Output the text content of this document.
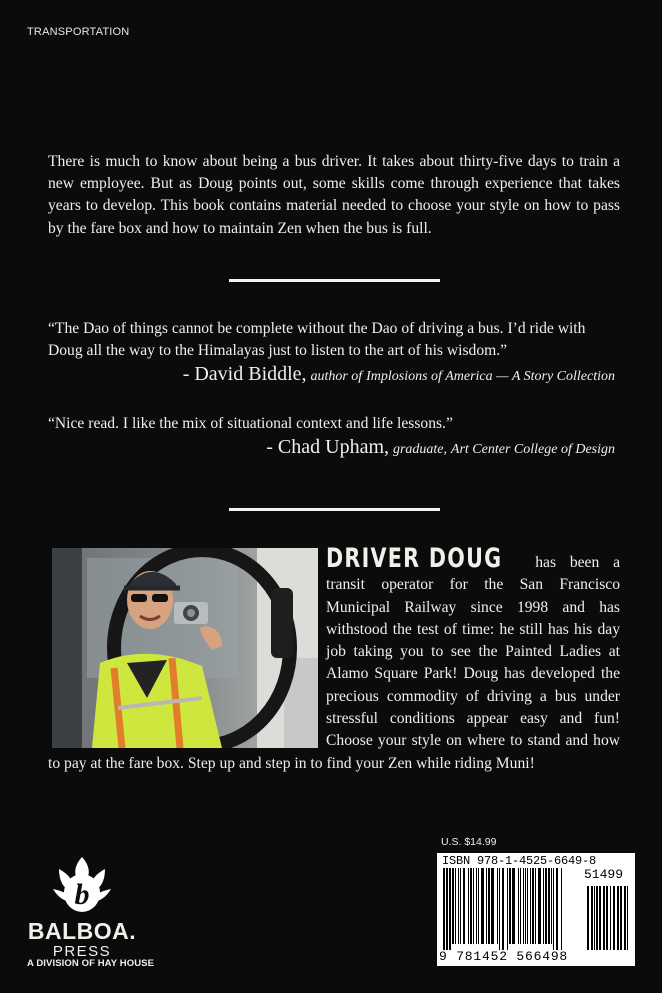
TRANSPORTATION

There is much to know about being a bus driver. It takes about thirty-five days to train a new employee. But as Doug points out, some skills come through experience that takes years to develop. This book contains material needed to choose your style on how to pass by the fare box and how to maintain Zen when the bus is full.

“The Dao of things cannot be complete without the Dao of driving a bus. I’d ride with Doug all the way to the Himalayas just to listen to the art of his wisdom.”
- David Biddle, author of Implosions of America — A Story Collection
“Nice read. I like the mix of situational context and life lessons.”
- Chad Upham, graduate, Art Center College of Design

DRIVER DOUG has been a transit operator for the San Francisco Municipal Railway since 1998 and has withstood the test of time: he still has his day job taking you to see the Painted Ladies at Alamo Square Park! Doug has developed the precious commodity of driving a bus under stressful conditions appear easy and fun! Choose your style on where to stand and how to pay at the fare box. Step up and step in to find your Zen while riding Muni!

b
BALBOA.
PRESS
A DIVISION OF HAY HOUSE
U.S. $14.99
ISBN 978-1-4525-6649-8
51499
9 781452 566498
